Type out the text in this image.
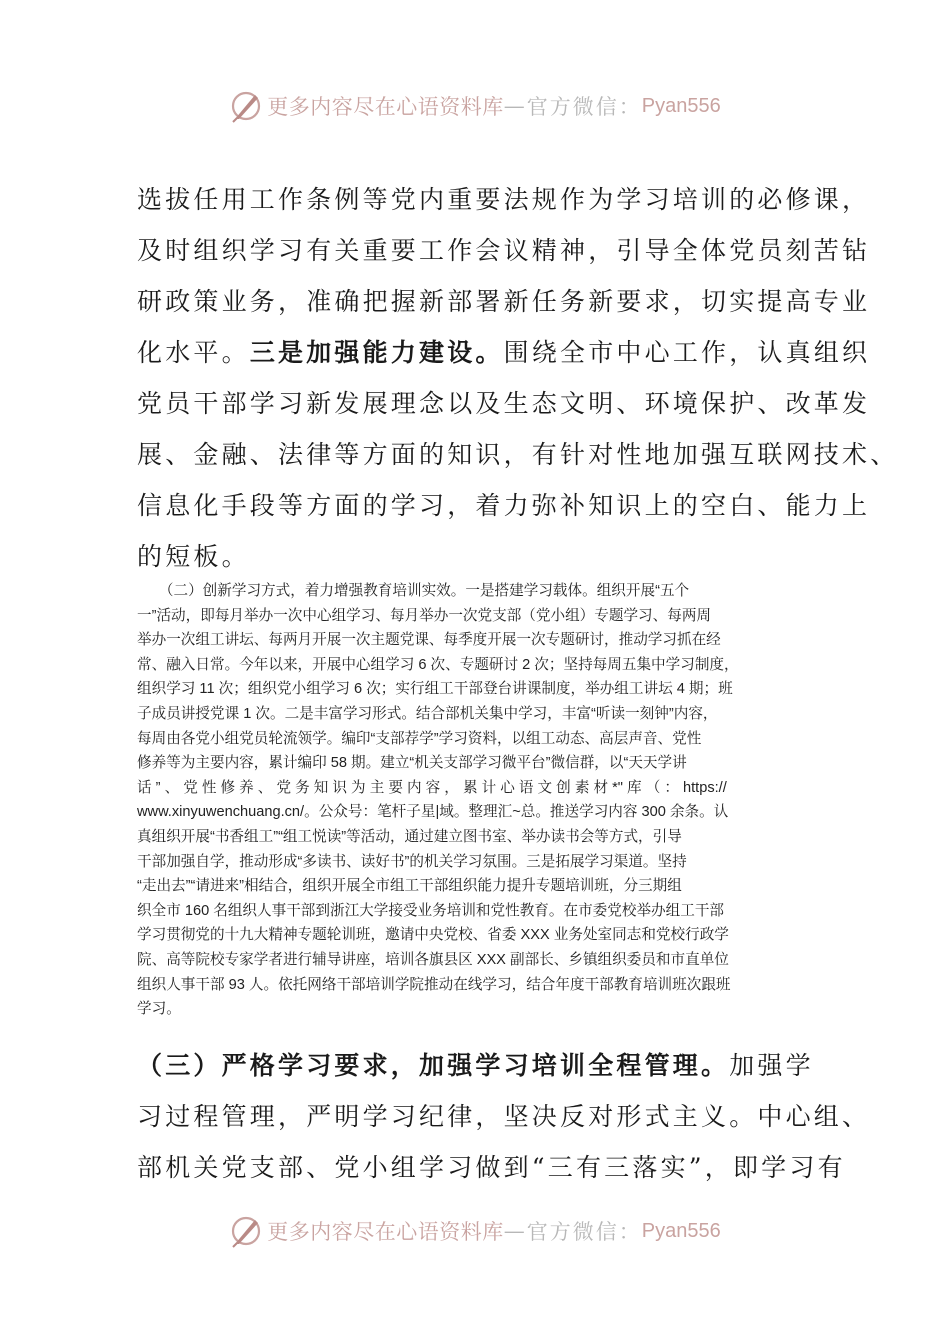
更多内容尽在心语资料库 — 官方微信： Pyan556
选拔任用工作条例等党内重要法规作为学习培训的必修课，
及时组织学习有关重要工作会议精神，引导全体党员刻苦钻
研政策业务，准确把握新部署新任务新要求，切实提高专业
化水平。三是加强能力建设。围绕全市中心工作，认真组织
党员干部学习新发展理念以及生态文明、环境保护、改革发
展、金融、法律等方面的知识，有针对性地加强互联网技术、
信息化手段等方面的学习，着力弥补知识上的空白、能力上
的短板。
　　（二）创新学习方式，着力增强教育培训实效。一是搭建学习载体。组织开展“五个
一”活动，即每月举办一次中心组学习、每月举办一次党支部（党小组）专题学习、每两周
举办一次组工讲坛、每两月开展一次主题党课、每季度开展一次专题研讨，推动学习抓在经
常、融入日常。今年以来，开展中心组学习 6 次、专题研讨 2 次；坚持每周五集中学习制度，
组织学习 11 次；组织党小组学习 6 次；实行组工干部登台讲课制度，举办组工讲坛 4 期；班
子成员讲授党课 1 次。二是丰富学习形式。结合部机关集中学习，丰富“听读一刻钟”内容，
每周由各党小组党员轮流领学。编印“支部荐学”学习资料，以组工动态、高层声音、党性
修养等为主要内容，累计编印 58 期。建立“机关支部学习微平台”微信群，以“天天学讲
话 ” 、 党 性 修 养 、 党 务 知 识 为 主 要 内 容 ， 累 计 心 语 文 创 素 材 *" 库 （ ： https://
www.xinyuwenchuang.cn/。公众号：笔杆子星|域。整理汇~总。推送学习内容 300 余条。认
真组织开展“书香组工”“组工悦读”等活动，通过建立图书室、举办读书会等方式，引导
干部加强自学，推动形成“多读书、读好书”的机关学习氛围。三是拓展学习渠道。坚持
“走出去”“请进来”相结合，组织开展全市组工干部组织能力提升专题培训班，分三期组
织全市 160 名组织人事干部到浙江大学接受业务培训和党性教育。在市委党校举办组工干部
学习贯彻党的十九大精神专题轮训班，邀请中央党校、省委 XXX 业务处室同志和党校行政学
院、高等院校专家学者进行辅导讲座，培训各旗县区 XXX 副部长、乡镇组织委员和市直单位
组织人事干部 93 人。依托网络干部培训学院推动在线学习，结合年度干部教育培训班次跟班
学习。
（三）严格学习要求，加强学习培训全程管理。加强学
习过程管理，严明学习纪律，坚决反对形式主义。中心组、
部机关党支部、党小组学习做到“三有三落实”，即学习有
更多内容尽在心语资料库 — 官方微信： Pyan556
